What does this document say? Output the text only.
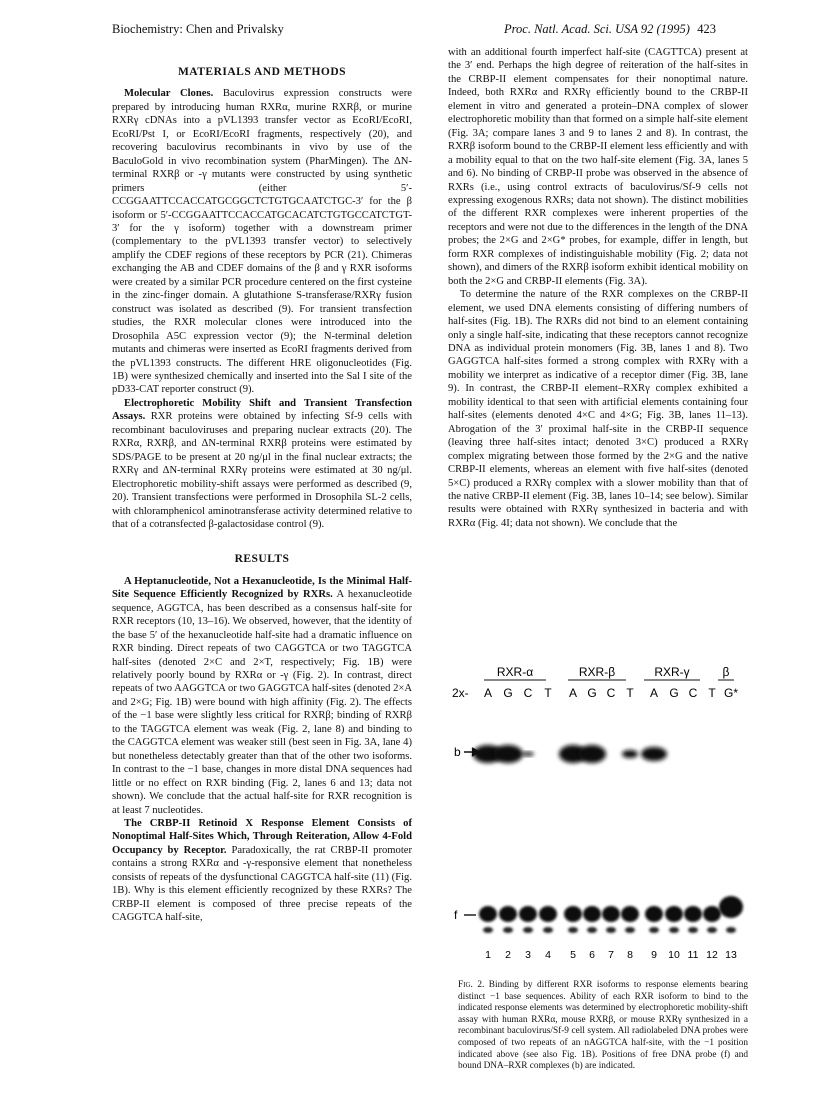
Biochemistry: Chen and Privalsky	Proc. Natl. Acad. Sci. USA 92 (1995) 423
MATERIALS AND METHODS

Molecular Clones. Baculovirus expression constructs were prepared by introducing human RXRα, murine RXRβ, or murine RXRγ cDNAs into a pVL1393 transfer vector as EcoRI/EcoRI, EcoRI/Pst I, or EcoRI/EcoRI fragments, respectively (20), and recovering baculovirus recombinants in vivo by use of the BaculoGold in vivo recombination system (PharMingen). The ΔN-terminal RXRβ or -γ mutants were constructed by using synthetic primers (either 5′-CCGGAATTCCACCATGCGGCTCTGTGCAATCTGC-3′ for the β isoform or 5′-CCGGAATTCCACCATGCACATCTGTGCCATCTGT-3′ for the γ isoform) together with a downstream primer (complementary to the pVL1393 transfer vector) to selectively amplify the CDEF regions of these receptors by PCR (21). Chimeras exchanging the AB and CDEF domains of the β and γ RXR isoforms were created by a similar PCR procedure centered on the first cysteine in the zinc-finger domain. A glutathione S-transferase/RXRγ fusion construct was isolated as described (9). For transient transfection studies, the RXR molecular clones were introduced into the Drosophila A5C expression vector (9); the N-terminal deletion mutants and chimeras were inserted as EcoRI fragments derived from the pVL1393 constructs. The different HRE oligonucleotides (Fig. 1B) were synthesized chemically and inserted into the Sal I site of the pD33-CAT reporter construct (9).

Electrophoretic Mobility Shift and Transient Transfection Assays. RXR proteins were obtained by infecting Sf-9 cells with recombinant baculoviruses and preparing nuclear extracts (20). The RXRα, RXRβ, and ΔN-terminal RXRβ proteins were estimated by SDS/PAGE to be present at 20 ng/μl in the final nuclear extracts; the RXRγ and ΔN-terminal RXRγ proteins were estimated at 30 ng/μl. Electrophoretic mobility-shift assays were performed as described (9, 20). Transient transfections were performed in Drosophila SL-2 cells, with chloramphenicol aminotransferase activity determined relative to that of a cotransfected β-galactosidase control (9).

RESULTS

A Heptanucleotide, Not a Hexanucleotide, Is the Minimal Half-Site Sequence Efficiently Recognized by RXRs. A hexanucleotide sequence, AGGTCA, has been described as a consensus half-site for RXR receptors (10, 13–16). We observed, however, that the identity of the base 5′ of the hexanucleotide half-site had a dramatic influence on RXR binding. Direct repeats of two CAGGTCA or two TAGGTCA half-sites (denoted 2×C and 2×T, respectively; Fig. 1B) were relatively poorly bound by RXRα or -γ (Fig. 2). In contrast, direct repeats of two AAGGTCA or two GAGGTCA half-sites (denoted 2×A and 2×G; Fig. 1B) were bound with high affinity (Fig. 2). The effects of the −1 base were slightly less critical for RXRβ; binding of RXRβ to the TAGGTCA element was weak (Fig. 2, lane 8) and binding to the CAGGTCA element was weaker still (best seen in Fig. 3A, lane 4) but nonetheless detectably greater than that of the other two isoforms. In contrast to the −1 base, changes in more distal DNA sequences had little or no effect on RXR binding (Fig. 2, lanes 6 and 13; data not shown). We conclude that the actual half-site for RXR recognition is at least 7 nucleotides.

The CRBP-II Retinoid X Response Element Consists of Nonoptimal Half-Sites Which, Through Reiteration, Allow 4-Fold Occupancy by Receptor. Paradoxically, the rat CRBP-II promoter contains a strong RXRα and -γ-responsive element that nonetheless consists of repeats of the dysfunctional CAGGTCA half-site (11) (Fig. 1B). Why is this element efficiently recognized by these RXRs? The CRBP-II element is composed of three precise repeats of the CAGGTCA half-site,

with an additional fourth imperfect half-site (CAGTTCA) present at the 3′ end. Perhaps the high degree of reiteration of the half-sites in the CRBP-II element compensates for their nonoptimal nature. Indeed, both RXRα and RXRγ efficiently bound to the CRBP-II element in vitro and generated a protein–DNA complex of slower electrophoretic mobility than that formed on a simple half-site element (Fig. 3A; compare lanes 3 and 9 to lanes 2 and 8). In contrast, the RXRβ isoform bound to the CRBP-II element less efficiently and with a mobility equal to that on the two half-site element (Fig. 3A, lanes 5 and 6). No binding of CRBP-II probe was observed in the absence of RXRs (i.e., using control extracts of baculovirus/Sf-9 cells not expressing exogenous RXRs; data not shown). The distinct mobilities of the different RXR complexes were inherent properties of the receptors and were not due to the differences in the length of the DNA probes; the 2×G and 2×G* probes, for example, differ in length, but form RXR complexes of indistinguishable mobility (Fig. 2; data not shown), and dimers of the RXRβ isoform exhibit identical mobility on both the 2×G and CRBP-II elements (Fig. 3A).

To determine the nature of the RXR complexes on the CRBP-II element, we used DNA elements consisting of differing numbers of half-sites (Fig. 1B). The RXRs did not bind to an element containing only a single half-site, indicating that these receptors cannot recognize DNA as individual protein monomers (Fig. 3B, lanes 1 and 8). Two GAGGTCA half-sites formed a strong complex with RXRγ with a mobility we interpret as indicative of a receptor dimer (Fig. 3B, lane 9). In contrast, the CRBP-II element–RXRγ complex exhibited a mobility identical to that seen with artificial elements containing four half-sites (elements denoted 4×C and 4×G; Fig. 3B, lanes 11–13). Abrogation of the 3′ proximal half-site in the CRBP-II sequence (leaving three half-sites intact; denoted 3×C) produced a RXRγ complex migrating between those formed by the 2×G and the native CRBP-II elements, whereas an element with five half-sites (denoted 5×C) produced a RXRγ complex with a slower mobility than that of the native CRBP-II element (Fig. 3B, lanes 10–14; see below). Similar results were obtained with RXRγ synthesized in bacteria and with RXRα (Fig. 4I; data not shown). We conclude that the

RXR-α	RXR-β	RXR-γ	β
2x- A G C T A G C T A G C T G*
b
f
1 2 3 4 5 6 7 8 9 10 11 12 13
Fig. 2. Binding by different RXR isoforms to response elements bearing distinct −1 base sequences. Ability of each RXR isoform to bind to the indicated response elements was determined by electrophoretic mobility-shift assay with human RXRα, mouse RXRβ, or mouse RXRγ synthesized in a recombinant baculovirus/Sf-9 cell system. All radiolabeled DNA probes were composed of two repeats of an nAGGTCA half-site, with the −1 position indicated above (see also Fig. 1B). Positions of free DNA probe (f) and bound DNA–RXR complexes (b) are indicated.
